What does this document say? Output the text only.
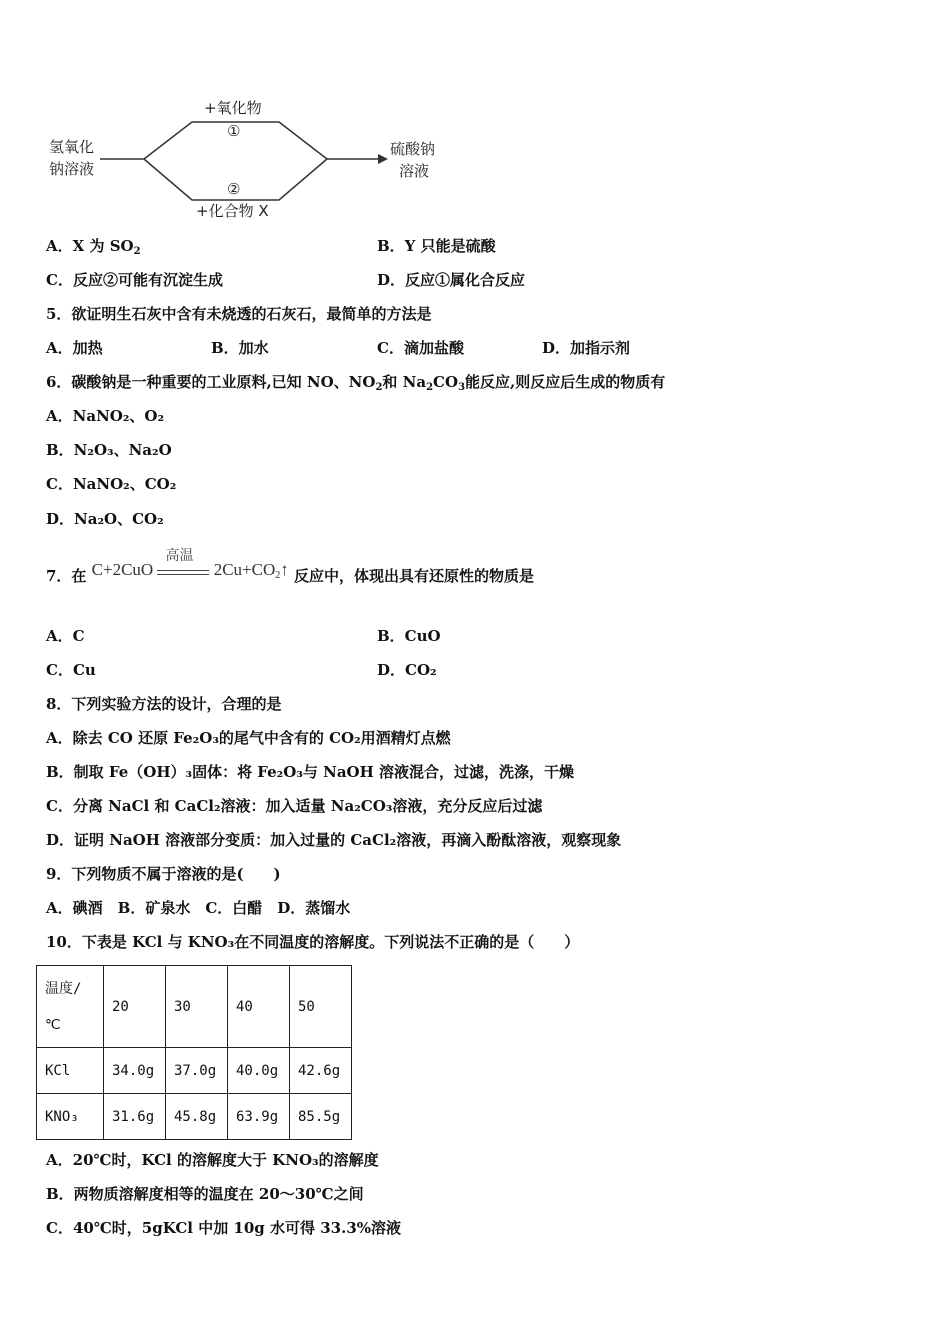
氢氧化
钠溶液
+氧化物
①
②
+化合物 X
硫酸钠
溶液
A．X 为 $SO_2$	B．Y 只能是硫酸
C．反应②可能有沉淀生成	D．反应①属化合反应
5．欲证明生石灰中含有未烧透的石灰石，最简单的方法是
A．加热	B．加水	C．滴加盐酸	D．加指示剂
6．碳酸钠是一种重要的工业原料,已知 NO、$NO_2$和 $Na_2CO_3$能反应,则反应后生成的物质有
A．NaNO₂、O₂
B．N₂O₃、Na₂O
C．NaNO₂、CO₂
D．Na₂O、CO₂
7．在 C+2CuO
高温
$2Cu+CO_2↑$ 反应中，体现出具有还原性的物质是
A．C	B．CuO
C．Cu	D．CO₂
8．下列实验方法的设计，合理的是
A．除去 CO 还原 Fe₂O₃的尾气中含有的 CO₂用酒精灯点燃
B．制取 Fe（OH）₃固体：将 Fe₂O₃与 NaOH 溶液混合，过滤，洗涤，干燥
C．分离 NaCl 和 CaCl₂溶液：加入适量 Na₂CO₃溶液，充分反应后过滤
D．证明 NaOH 溶液部分变质：加入过量的 CaCl₂溶液，再滴入酚酞溶液，观察现象
9．下列物质不属于溶液的是(　　)
A．碘酒　B．矿泉水　C．白醋　D．蒸馏水
10．下表是 KCl 与 KNO₃在不同温度的溶解度。下列说法不正确的是（　　）
温度/
℃	20	30	40	50
KCl	34.0g	37.0g	40.0g	42.6g
KNO₃	31.6g	45.8g	63.9g	85.5g
A．20℃时，KCl 的溶解度大于 KNO₃的溶解度
B．两物质溶解度相等的温度在 20～30℃之间
C．40℃时，5gKCl 中加 10g 水可得 33.3%溶液
